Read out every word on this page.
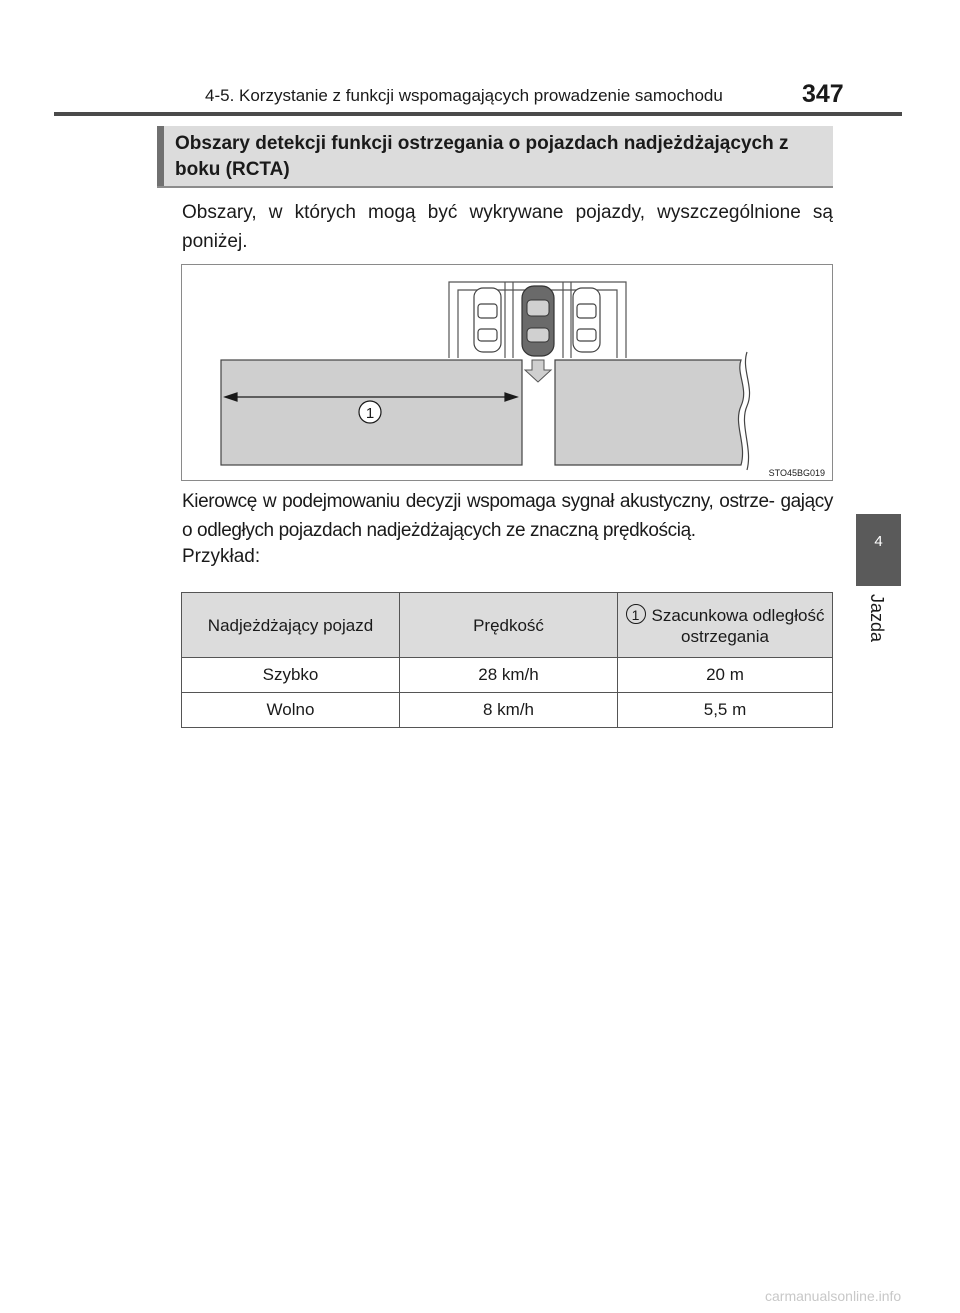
4-5. Korzystanie z funkcji wspomagających prowadzenie samochodu	347
Obszary detekcji funkcji ostrzegania o pojazdach nadjeżdżających z boku (RCTA)
Obszary, w których mogą być wykrywane pojazdy, wyszczególnione są poniżej.
1
STO45BG019
Kierowcę w podejmowaniu decyzji wspomaga sygnał akustyczny, ostrze- gający o odległych pojazdach nadjeżdżających ze znaczną prędkością.
Przykład:
Nadjeżdżający pojazd	Prędkość	1 Szacunkowa odległość ostrzegania
Szybko	28 km/h	20 m
Wolno	8 km/h	5,5 m
4
Jazda
carmanualsonline.info
